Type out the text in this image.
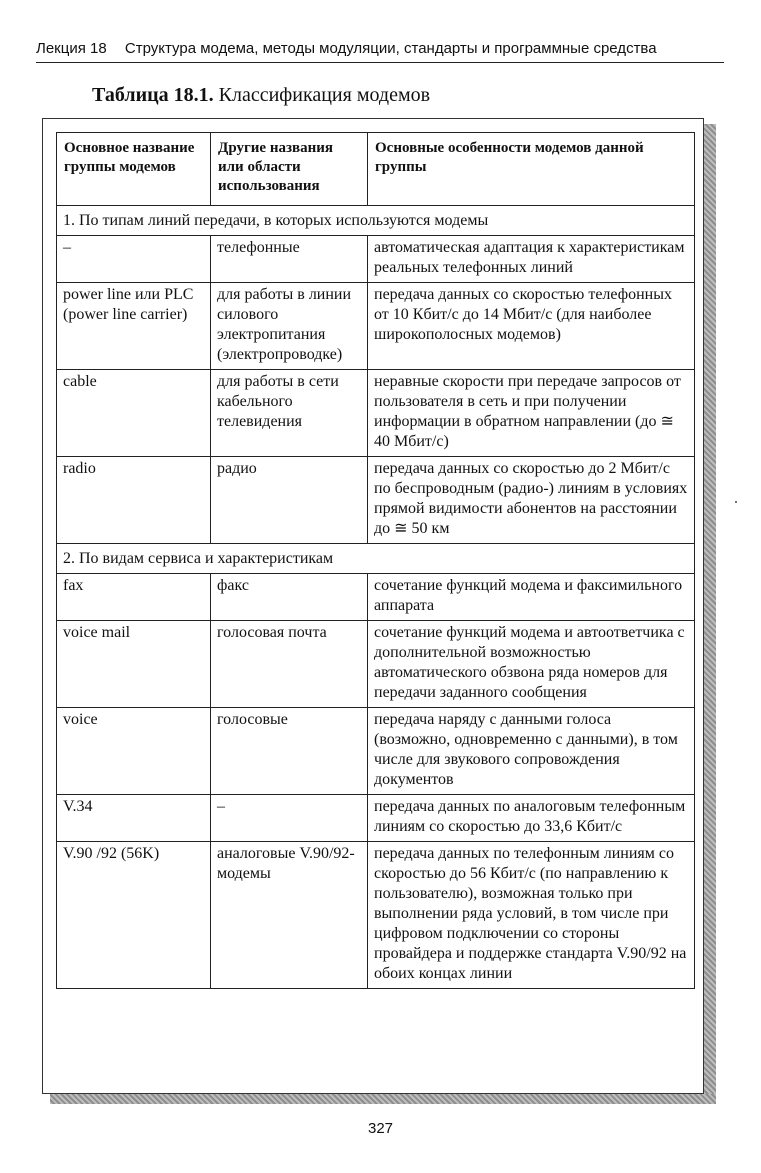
Лекция 18 Структура модема, методы модуляции, стандарты и программные средства
Таблица 18.1. Классификация модемов
Основное название группы модемов	Другие названия или области использования	Основные особенности модемов данной группы
1. По типам линий передачи, в которых используются модемы		
–	телефонные	автоматическая адаптация к характеристикам реальных телефонных линий
power line или PLC (power line carrier)	для работы в линии силового электропитания (электропроводке)	передача данных со скоростью телефонных от 10 Кбит/с до 14 Мбит/с (для наиболее широкополосных модемов)
cable	для работы в сети кабельного телевидения	неравные скорости при передаче запросов от пользователя в сеть и при получении информации в обратном направлении (до ≅ 40 Мбит/с)
radio	радио	передача данных со скоростью до 2 Мбит/с по беспроводным (радио-) линиям в условиях прямой видимости абонентов на расстоянии до ≅ 50 км
2. По видам сервиса и характеристикам		
fax	факс	сочетание функций модема и факсимильного аппарата
voice mail	голосовая почта	сочетание функций модема и автоответчика с дополнительной возможностью автоматического обзвона ряда номеров для передачи заданного сообщения
voice	голосовые	передача наряду с данными голоса (возможно, одновременно с данными), в том числе для звукового сопровождения документов
V.34	–	передача данных по аналоговым телефонным линиям со скоростью до 33,6 Кбит/с
V.90 /92 (56K)	аналоговые V.90/92-модемы	передача данных по телефонным линиям со скоростью до 56 Кбит/с (по направлению к пользователю), возможная только при выполнении ряда условий, в том числе при цифровом подключении со стороны провайдера и поддержке стандарта V.90/92 на обоих концах линии
327
